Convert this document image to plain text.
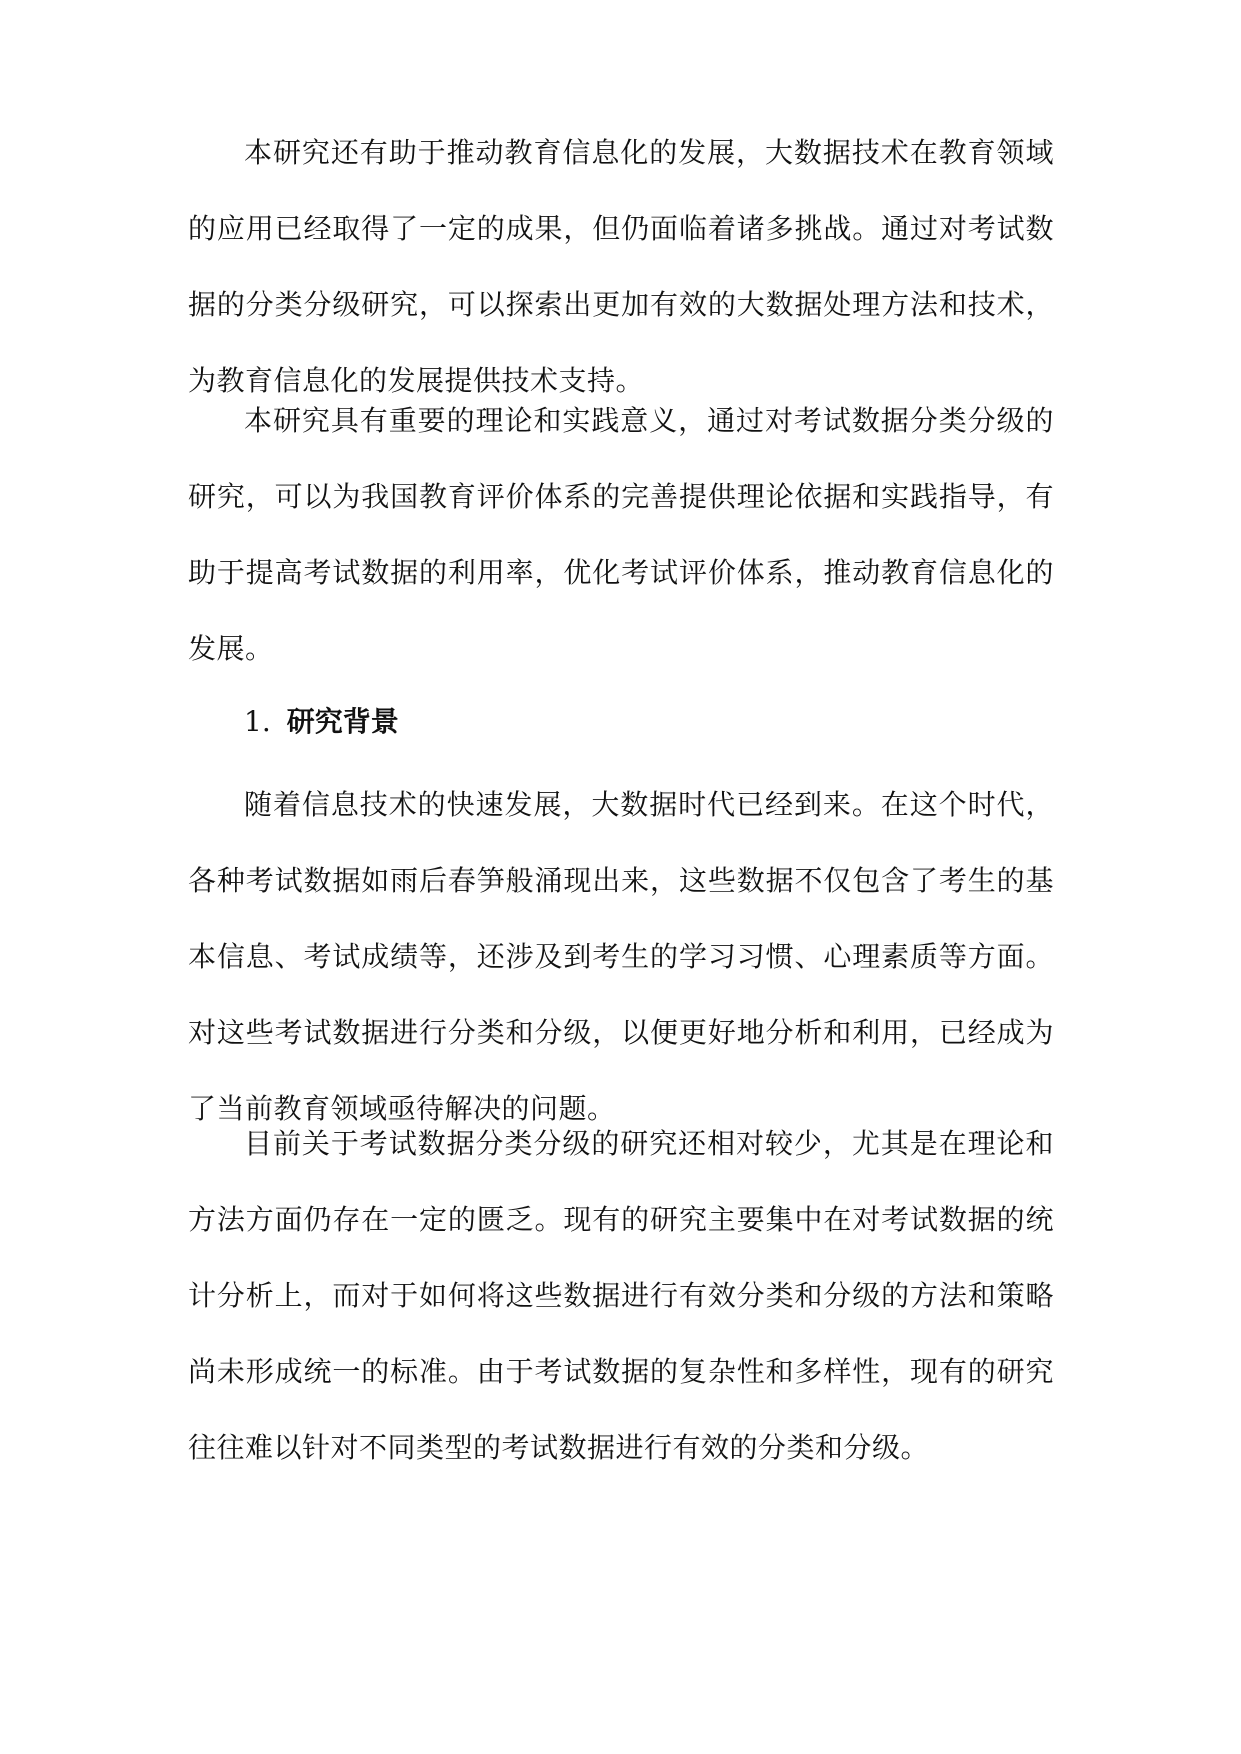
本研究还有助于推动教育信息化的发展，大数据技术在教育领域的应用已经取得了一定的成果，但仍面临着诸多挑战。通过对考试数据的分类分级研究，可以探索出更加有效的大数据处理方法和技术，为教育信息化的发展提供技术支持。

本研究具有重要的理论和实践意义，通过对考试数据分类分级的研究，可以为我国教育评价体系的完善提供理论依据和实践指导，有助于提高考试数据的利用率，优化考试评价体系，推动教育信息化的发展。

1. 研究背景

随着信息技术的快速发展，大数据时代已经到来。在这个时代，各种考试数据如雨后春笋般涌现出来，这些数据不仅包含了考生的基本信息、考试成绩等，还涉及到考生的学习习惯、心理素质等方面。对这些考试数据进行分类和分级，以便更好地分析和利用，已经成为了当前教育领域亟待解决的问题。

目前关于考试数据分类分级的研究还相对较少，尤其是在理论和方法方面仍存在一定的匮乏。现有的研究主要集中在对考试数据的统计分析上，而对于如何将这些数据进行有效分类和分级的方法和策略尚未形成统一的标准。由于考试数据的复杂性和多样性，现有的研究往往难以针对不同类型的考试数据进行有效的分类和分级。
